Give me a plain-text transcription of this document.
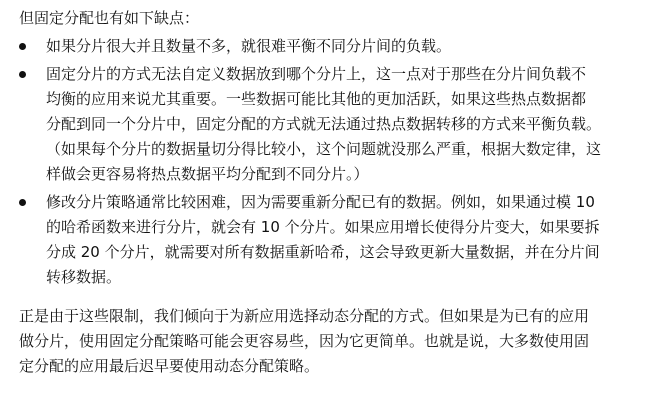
但固定分配也有如下缺点：

如果分片很大并且数量不多，就很难平衡不同分片间的负载。
固定分片的方式无法自定义数据放到哪个分片上，这一点对于那些在分片间负载不
均衡的应用来说尤其重要。一些数据可能比其他的更加活跃，如果这些热点数据都
分配到同一个分片中，固定分配的方式就无法通过热点数据转移的方式来平衡负载。
（如果每个分片的数据量切分得比较小，这个问题就没那么严重，根据大数定律，这
样做会更容易将热点数据平均分配到不同分片。）
修改分片策略通常比较困难，因为需要重新分配已有的数据。例如，如果通过模 10
的哈希函数来进行分片，就会有 10 个分片。如果应用增长使得分片变大，如果要拆
分成 20 个分片，就需要对所有数据重新哈希，这会导致更新大量数据，并在分片间
转移数据。
正是由于这些限制，我们倾向于为新应用选择动态分配的方式。但如果是为已有的应用
做分片，使用固定分配策略可能会更容易些，因为它更简单。也就是说，大多数使用固
定分配的应用最后迟早要使用动态分配策略。
